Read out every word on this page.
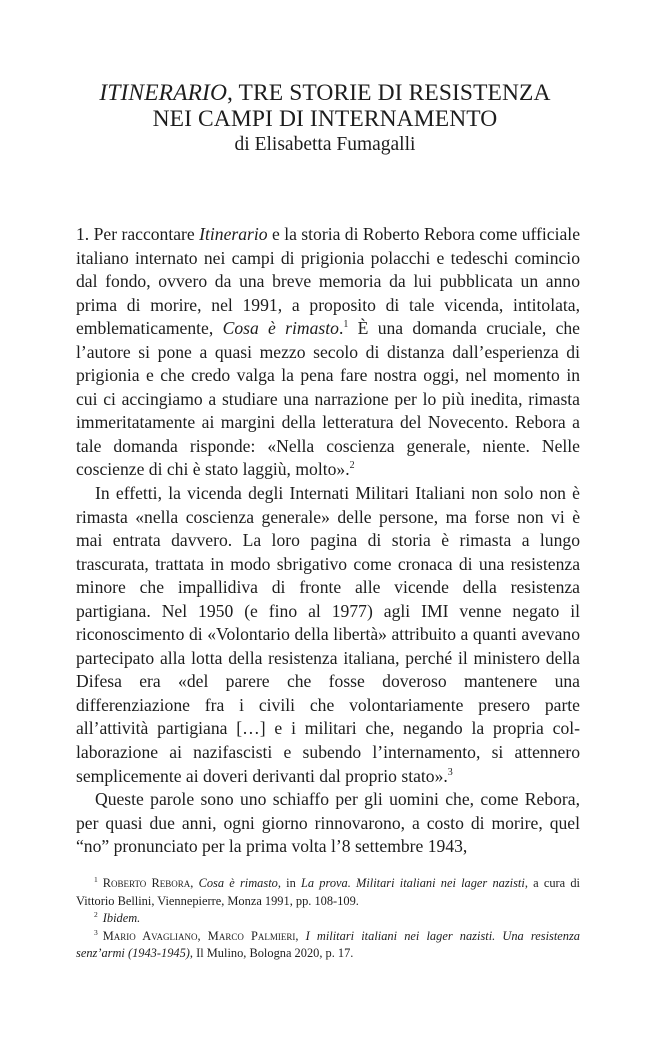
ITINERARIO, TRE STORIE DI RESISTENZA
NEI CAMPI DI INTERNAMENTO
di Elisabetta Fumagalli

1. Per raccontare Itinerario e la storia di Roberto Rebora come ufficiale italiano internato nei campi di prigionia polacchi e tedeschi comincio dal fondo, ovvero da una breve memoria da lui pubblicata un anno prima di morire, nel 1991, a proposito di tale vicenda, intitolata, emblematicamente, Cosa è rimasto.$^1$ È una domanda cruciale, che l’autore si pone a quasi mezzo secolo di distanza dall’esperienza di prigionia e che credo valga la pena fare nostra oggi, nel momento in cui ci accingiamo a studiare una narrazione per lo più inedita, rimasta immeritatamente ai margini della letteratura del Novecento. Rebora a tale domanda risponde: «Nella coscienza generale, niente. Nelle coscienze di chi è stato laggiù, molto».$^2$

In effetti, la vicenda degli Internati Militari Italiani non solo non è rimasta «nella coscienza generale» delle persone, ma forse non vi è mai entrata davvero. La loro pagina di storia è rimasta a lungo trascurata, trattata in modo sbrigativo come cronaca di una resistenza minore che impallidiva di fronte alle vicende della resistenza partigiana. Nel 1950 (e fino al 1977) agli IMI venne negato il riconoscimento di «Volontario della libertà» attribuito a quanti avevano partecipato alla lotta della resistenza italiana, perché il ministero della Difesa era «del parere che fosse doveroso mantenere una differenziazione fra i civili che volontariamente presero parte all’attività partigiana […] e i militari che, negando la propria collaborazione ai nazifascisti e subendo l’internamento, si attennero semplicemente ai doveri derivanti dal proprio stato».$^3$

Queste parole sono uno schiaffo per gli uomini che, come Rebora, per quasi due anni, ogni giorno rinnovarono, a costo di morire, quel “no” pronunciato per la prima volta l’8 settembre 1943,

$^1$ Roberto Rebora, Cosa è rimasto, in La prova. Militari italiani nei lager nazisti, a cura di Vittorio Bellini, Viennepierre, Monza 1991, pp. 108-109.

$^2$ Ibidem.

$^3$ Mario Avagliano, Marco Palmieri, I militari italiani nei lager nazisti. Una resistenza senz’armi (1943-1945), Il Mulino, Bologna 2020, p. 17.
